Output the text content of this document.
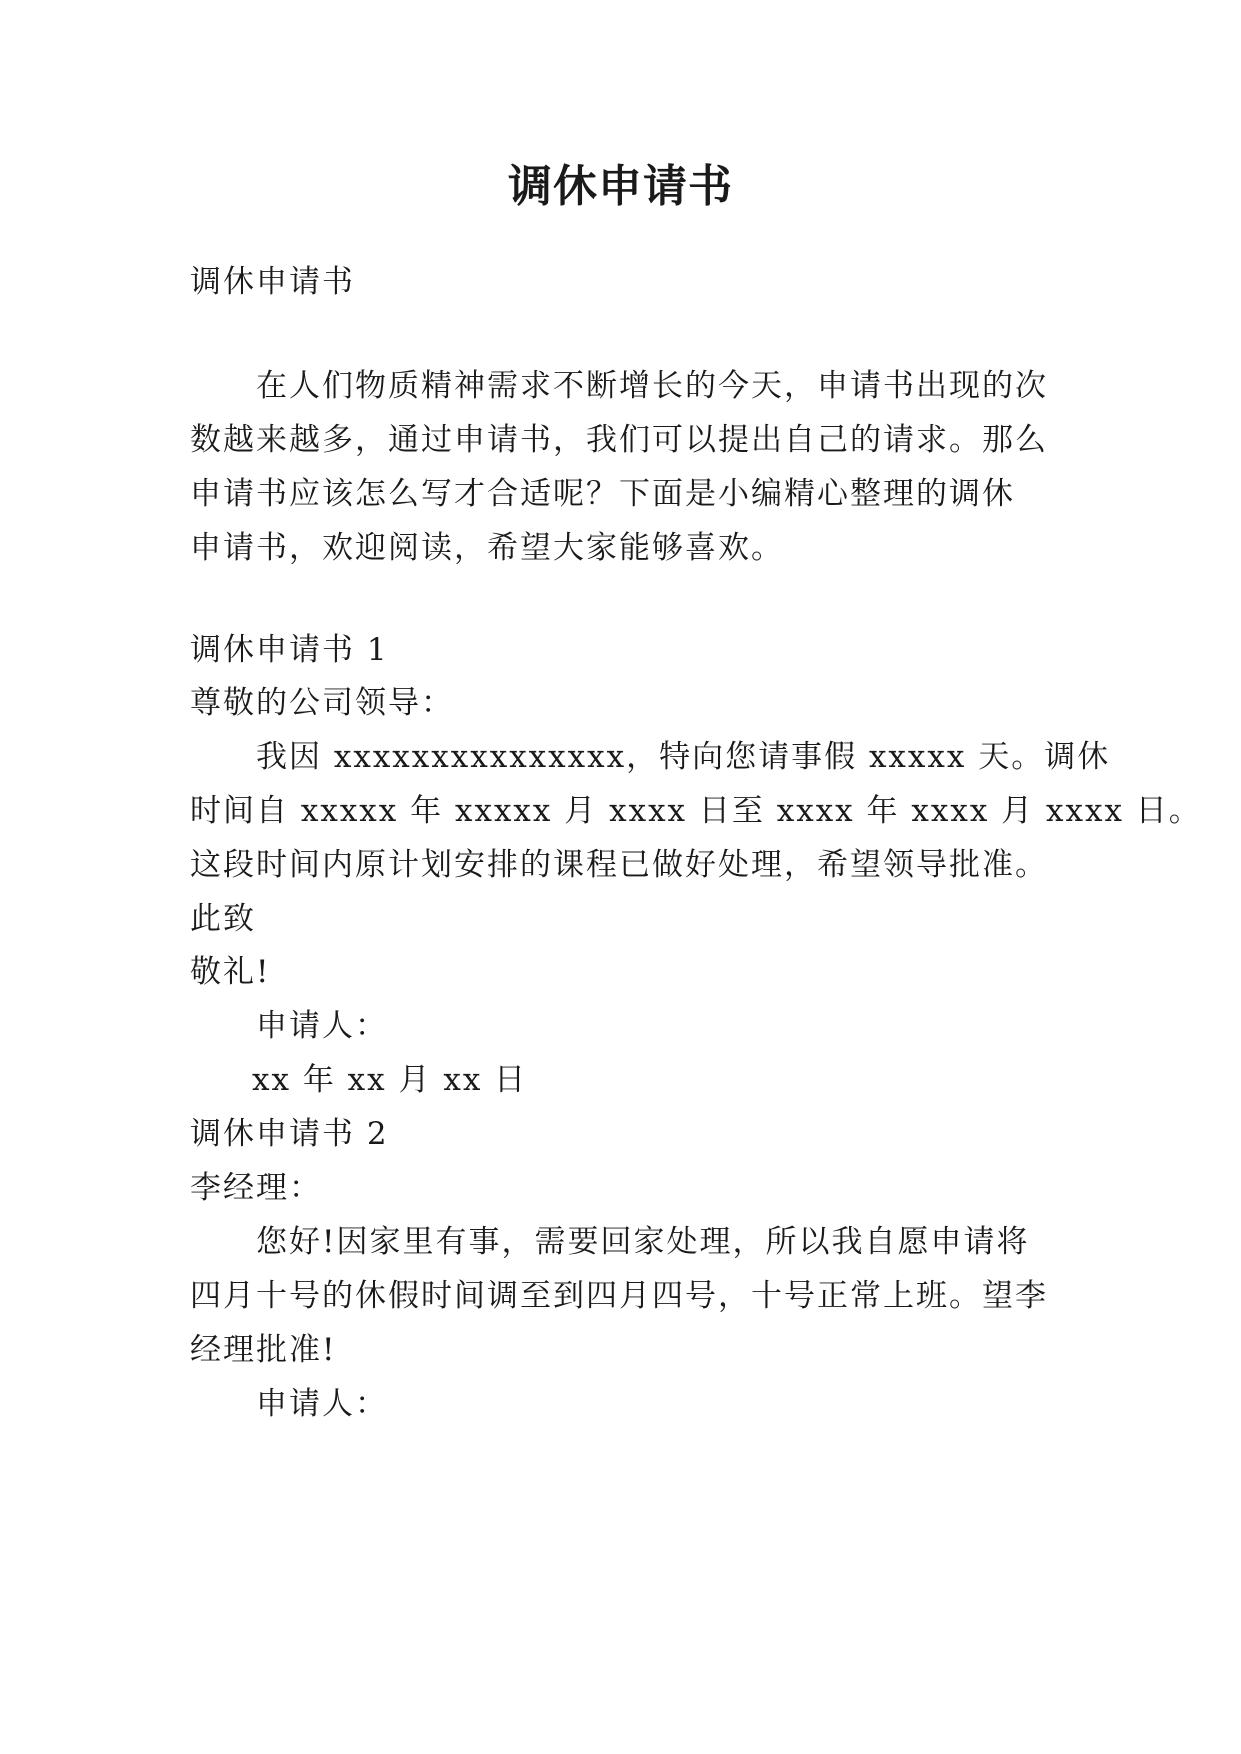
调休申请书
调休申请书
在人们物质精神需求不断增长的今天，申请书出现的次
数越来越多，通过申请书，我们可以提出自己的请求。那么
申请书应该怎么写才合适呢？下面是小编精心整理的调休
申请书，欢迎阅读，希望大家能够喜欢。
调休申请书 1
尊敬的公司领导：
我因 xxxxxxxxxxxxxxx，特向您请事假 xxxxx 天。调休
时间自 xxxxx 年 xxxxx 月 xxxx 日至 xxxx 年 xxxx 月 xxxx 日。
这段时间内原计划安排的课程已做好处理，希望领导批准。
此致
敬礼!
申请人：
xx 年 xx 月 xx 日
调休申请书 2
李经理：
您好!因家里有事，需要回家处理，所以我自愿申请将
四月十号的休假时间调至到四月四号，十号正常上班。望李
经理批准!
申请人：
